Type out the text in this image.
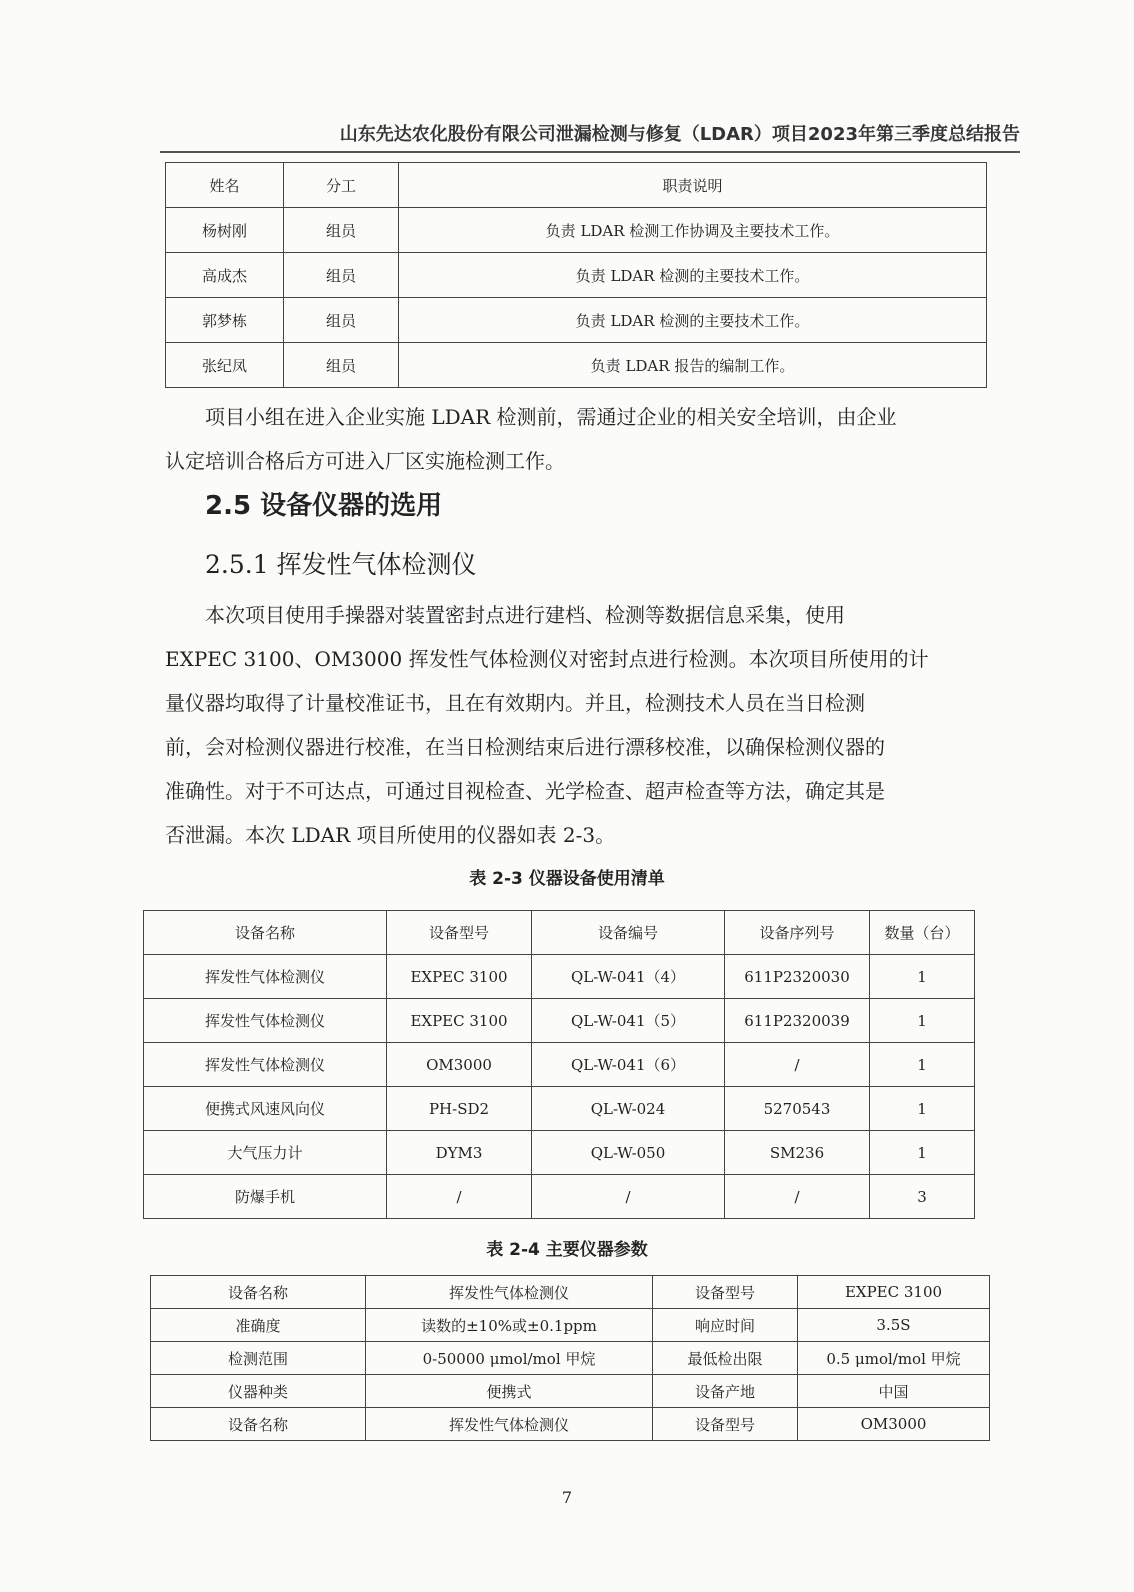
山东先达农化股份有限公司泄漏检测与修复（LDAR）项目2023年第三季度总结报告
姓名	分工	职责说明
杨树刚	组员	负责 LDAR 检测工作协调及主要技术工作。
高成杰	组员	负责 LDAR 检测的主要技术工作。
郭梦栋	组员	负责 LDAR 检测的主要技术工作。
张纪凤	组员	负责 LDAR 报告的编制工作。

项目小组在进入企业实施 LDAR 检测前，需通过企业的相关安全培训，由企业

认定培训合格后方可进入厂区实施检测工作。

2.5 设备仪器的选用
2.5.1 挥发性气体检测仪

本次项目使用手操器对装置密封点进行建档、检测等数据信息采集，使用

EXPEC 3100、OM3000 挥发性气体检测仪对密封点进行检测。本次项目所使用的计

量仪器均取得了计量校准证书，且在有效期内。并且，检测技术人员在当日检测

前，会对检测仪器进行校准，在当日检测结束后进行漂移校准，以确保检测仪器的

准确性。对于不可达点，可通过目视检查、光学检查、超声检查等方法，确定其是

否泄漏。本次 LDAR 项目所使用的仪器如表 2-3。

表 2-3 仪器设备使用清单
设备名称	设备型号	设备编号	设备序列号	数量（台）
挥发性气体检测仪	EXPEC 3100	QL-W-041（4）	611P2320030	1
挥发性气体检测仪	EXPEC 3100	QL-W-041（5）	611P2320039	1
挥发性气体检测仪	OM3000	QL-W-041（6）	/	1
便携式风速风向仪	PH-SD2	QL-W-024	5270543	1
大气压力计	DYM3	QL-W-050	SM236	1
防爆手机	/	/	/	3
表 2-4 主要仪器参数
设备名称	挥发性气体检测仪	设备型号	EXPEC 3100
准确度	读数的±10%或±0.1ppm	响应时间	3.5S
检测范围	0-50000 μmol/mol 甲烷	最低检出限	0.5 μmol/mol 甲烷
仪器种类	便携式	设备产地	中国
设备名称	挥发性气体检测仪	设备型号	OM3000
7
